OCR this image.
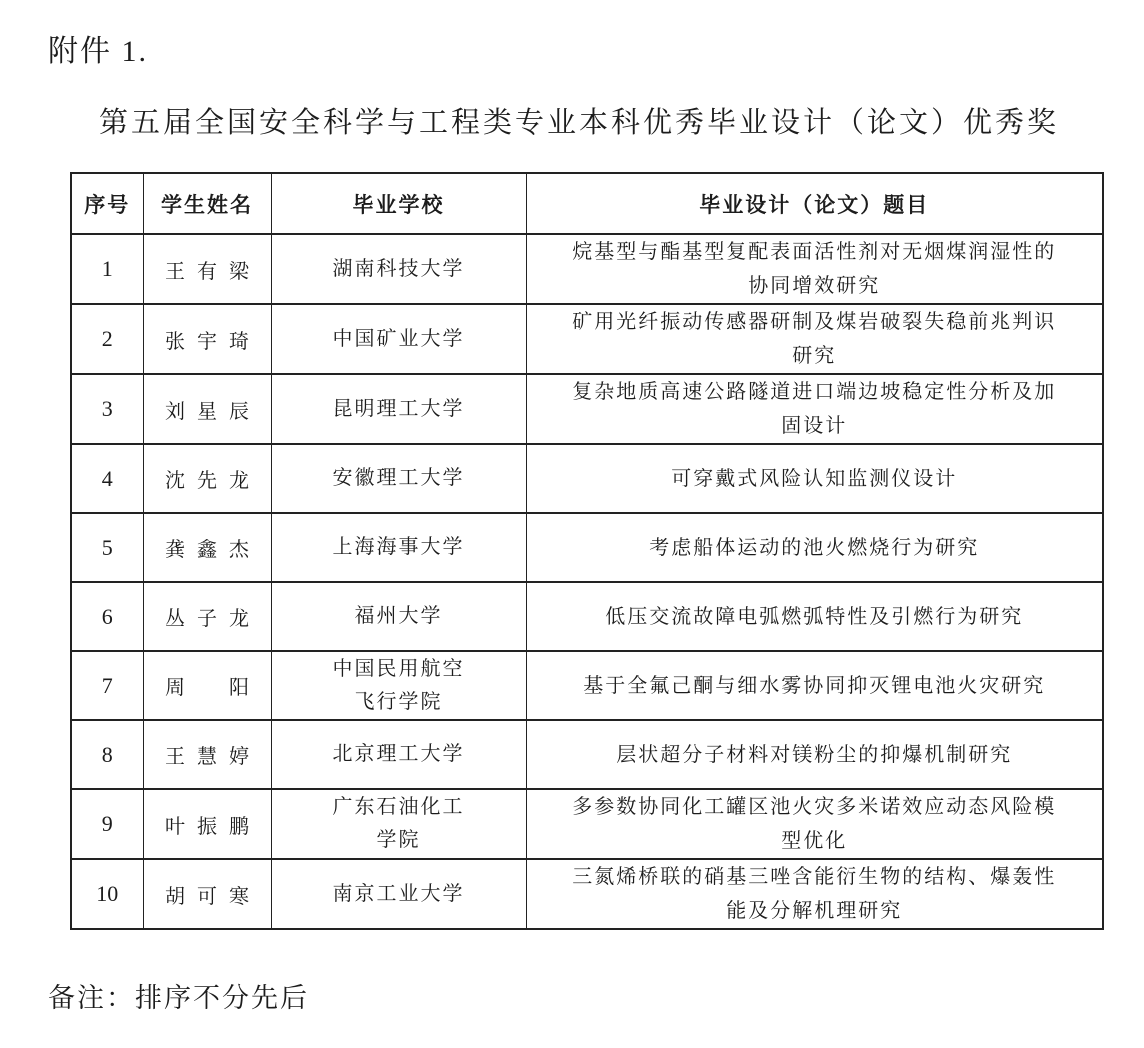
附件 1.
第五届全国安全科学与工程类专业本科优秀毕业设计（论文）优秀奖
序号	学生姓名	毕业学校	毕业设计（论文）题目
1	王有梁	湖南科技大学	烷基型与酯基型复配表面活性剂对无烟煤润湿性的协同增效研究
2	张宇琦	中国矿业大学	矿用光纤振动传感器研制及煤岩破裂失稳前兆判识研究
3	刘星辰	昆明理工大学	复杂地质高速公路隧道进口端边坡稳定性分析及加固设计
4	沈先龙	安徽理工大学	可穿戴式风险认知监测仪设计
5	龚鑫杰	上海海事大学	考虑船体运动的池火燃烧行为研究
6	丛子龙	福州大学	低压交流故障电弧燃弧特性及引燃行为研究
7	周　阳	中国民用航空飞行学院	基于全氟己酮与细水雾协同抑灭锂电池火灾研究
8	王慧婷	北京理工大学	层状超分子材料对镁粉尘的抑爆机制研究
9	叶振鹏	广东石油化工学院	多参数协同化工罐区池火灾多米诺效应动态风险模型优化
10	胡可寒	南京工业大学	三氮烯桥联的硝基三唑含能衍生物的结构、爆轰性能及分解机理研究
备注：排序不分先后
